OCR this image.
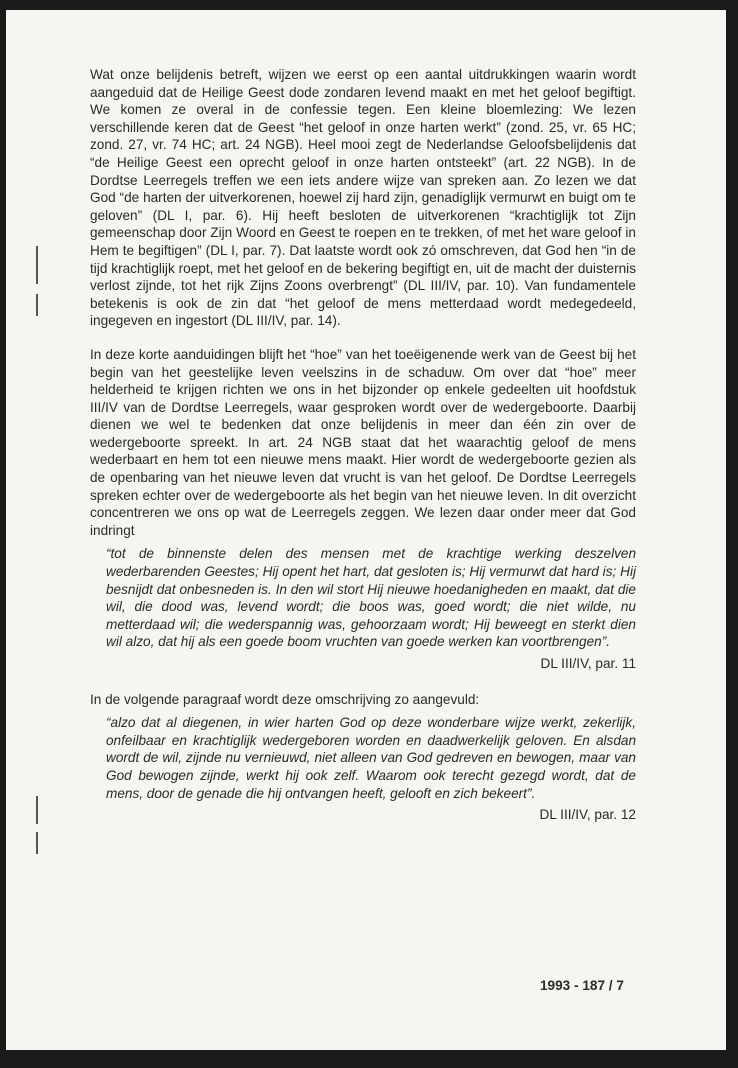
Wat onze belijdenis betreft, wijzen we eerst op een aantal uitdrukkingen waarin wordt aangeduid dat de Heilige Geest dode zondaren levend maakt en met het geloof begiftigt. We komen ze overal in de confessie tegen. Een kleine bloemlezing: We lezen verschillende keren dat de Geest “het geloof in onze harten werkt” (zond. 25, vr. 65 HC; zond. 27, vr. 74 HC; art. 24 NGB). Heel mooi zegt de Nederlandse Geloofsbelijdenis dat “de Heilige Geest een oprecht geloof in onze harten ontsteekt” (art. 22 NGB). In de Dordtse Leerregels treffen we een iets andere wijze van spreken aan. Zo lezen we dat God “de harten der uitverkorenen, hoewel zij hard zijn, genadiglijk vermurwt en buigt om te geloven” (DL I, par. 6). Hij heeft besloten de uitverkorenen “krachtiglijk tot Zijn gemeenschap door Zijn Woord en Geest te roepen en te trekken, of met het ware geloof in Hem te begiftigen” (DL I, par. 7). Dat laatste wordt ook zó omschreven, dat God hen “in de tijd krachtiglijk roept, met het geloof en de bekering begiftigt en, uit de macht der duisternis verlost zijnde, tot het rijk Zijns Zoons overbrengt” (DL III/IV, par. 10). Van fundamentele betekenis is ook de zin dat “het geloof de mens metterdaad wordt medegedeeld, ingegeven en ingestort (DL III/IV, par. 14).

In deze korte aanduidingen blijft het “hoe” van het toeëigenende werk van de Geest bij het begin van het geestelijke leven veelszins in de schaduw. Om over dat “hoe” meer helderheid te krijgen richten we ons in het bijzonder op enkele gedeelten uit hoofdstuk III/IV van de Dordtse Leerregels, waar gesproken wordt over de wedergeboorte. Daarbij dienen we wel te bedenken dat onze belijdenis in meer dan één zin over de wedergeboorte spreekt. In art. 24 NGB staat dat het waarachtig geloof de mens wederbaart en hem tot een nieuwe mens maakt. Hier wordt de wedergeboorte gezien als de openbaring van het nieuwe leven dat vrucht is van het geloof. De Dordtse Leerregels spreken echter over de wedergeboorte als het begin van het nieuwe leven. In dit overzicht concentreren we ons op wat de Leerregels zeggen. We lezen daar onder meer dat God indringt

“tot de binnenste delen des mensen met de krachtige werking deszelven wederbarenden Geestes; Hij opent het hart, dat gesloten is; Hij vermurwt dat hard is; Hij besnijdt dat onbesneden is. In den wil stort Hij nieuwe hoedanigheden en maakt, dat die wil, die dood was, levend wordt; die boos was, goed wordt; die niet wilde, nu metterdaad wil; die wederspannig was, gehoorzaam wordt; Hij beweegt en sterkt dien wil alzo, dat hij als een goede boom vruchten van goede werken kan voortbrengen”.

DL III/IV, par. 11

In de volgende paragraaf wordt deze omschrijving zo aangevuld:

“alzo dat al diegenen, in wier harten God op deze wonderbare wijze werkt, zekerlijk, onfeilbaar en krachtiglijk wedergeboren worden en daadwerkelijk geloven. En alsdan wordt de wil, zijnde nu vernieuwd, niet alleen van God gedreven en bewogen, maar van God bewogen zijnde, werkt hij ook zelf. Waarom ook terecht gezegd wordt, dat de mens, door de genade die hij ontvangen heeft, gelooft en zich bekeert”.

DL III/IV, par. 12

1993 - 187 / 7
